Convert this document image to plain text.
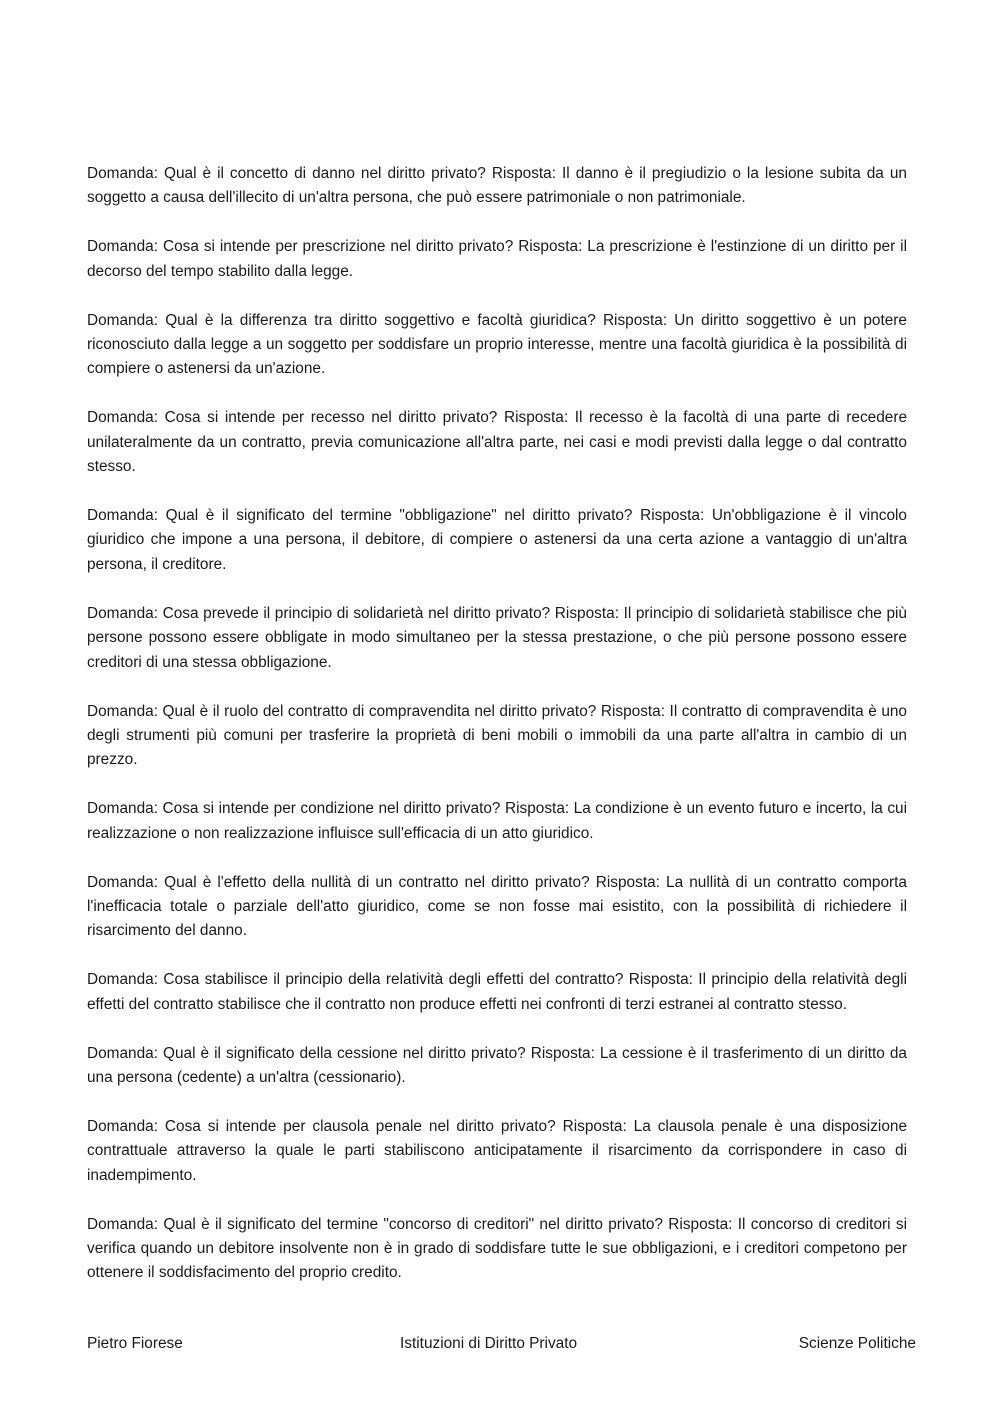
Domanda: Qual è il concetto di danno nel diritto privato? Risposta: Il danno è il pregiudizio o la lesione subita da un soggetto a causa dell'illecito di un'altra persona, che può essere patrimoniale o non patrimoniale.

Domanda: Cosa si intende per prescrizione nel diritto privato? Risposta: La prescrizione è l'estinzione di un diritto per il decorso del tempo stabilito dalla legge.

Domanda: Qual è la differenza tra diritto soggettivo e facoltà giuridica? Risposta: Un diritto soggettivo è un potere riconosciuto dalla legge a un soggetto per soddisfare un proprio interesse, mentre una facoltà giuridica è la possibilità di compiere o astenersi da un'azione.

Domanda: Cosa si intende per recesso nel diritto privato? Risposta: Il recesso è la facoltà di una parte di recedere unilateralmente da un contratto, previa comunicazione all'altra parte, nei casi e modi previsti dalla legge o dal contratto stesso.

Domanda: Qual è il significato del termine "obbligazione" nel diritto privato? Risposta: Un'obbligazione è il vincolo giuridico che impone a una persona, il debitore, di compiere o astenersi da una certa azione a vantaggio di un'altra persona, il creditore.

Domanda: Cosa prevede il principio di solidarietà nel diritto privato? Risposta: Il principio di solidarietà stabilisce che più persone possono essere obbligate in modo simultaneo per la stessa prestazione, o che più persone possono essere creditori di una stessa obbligazione.

Domanda: Qual è il ruolo del contratto di compravendita nel diritto privato? Risposta: Il contratto di compravendita è uno degli strumenti più comuni per trasferire la proprietà di beni mobili o immobili da una parte all'altra in cambio di un prezzo.

Domanda: Cosa si intende per condizione nel diritto privato? Risposta: La condizione è un evento futuro e incerto, la cui realizzazione o non realizzazione influisce sull'efficacia di un atto giuridico.

Domanda: Qual è l'effetto della nullità di un contratto nel diritto privato? Risposta: La nullità di un contratto comporta l'inefficacia totale o parziale dell'atto giuridico, come se non fosse mai esistito, con la possibilità di richiedere il risarcimento del danno.

Domanda: Cosa stabilisce il principio della relatività degli effetti del contratto? Risposta: Il principio della relatività degli effetti del contratto stabilisce che il contratto non produce effetti nei confronti di terzi estranei al contratto stesso.

Domanda: Qual è il significato della cessione nel diritto privato? Risposta: La cessione è il trasferimento di un diritto da una persona (cedente) a un'altra (cessionario).

Domanda: Cosa si intende per clausola penale nel diritto privato? Risposta: La clausola penale è una disposizione contrattuale attraverso la quale le parti stabiliscono anticipatamente il risarcimento da corrispondere in caso di inadempimento.

Domanda: Qual è il significato del termine "concorso di creditori" nel diritto privato? Risposta: Il concorso di creditori si verifica quando un debitore insolvente non è in grado di soddisfare tutte le sue obbligazioni, e i creditori competono per ottenere il soddisfacimento del proprio credito.

Pietro Fiorese	Istituzioni di Diritto Privato	Scienze Politiche
